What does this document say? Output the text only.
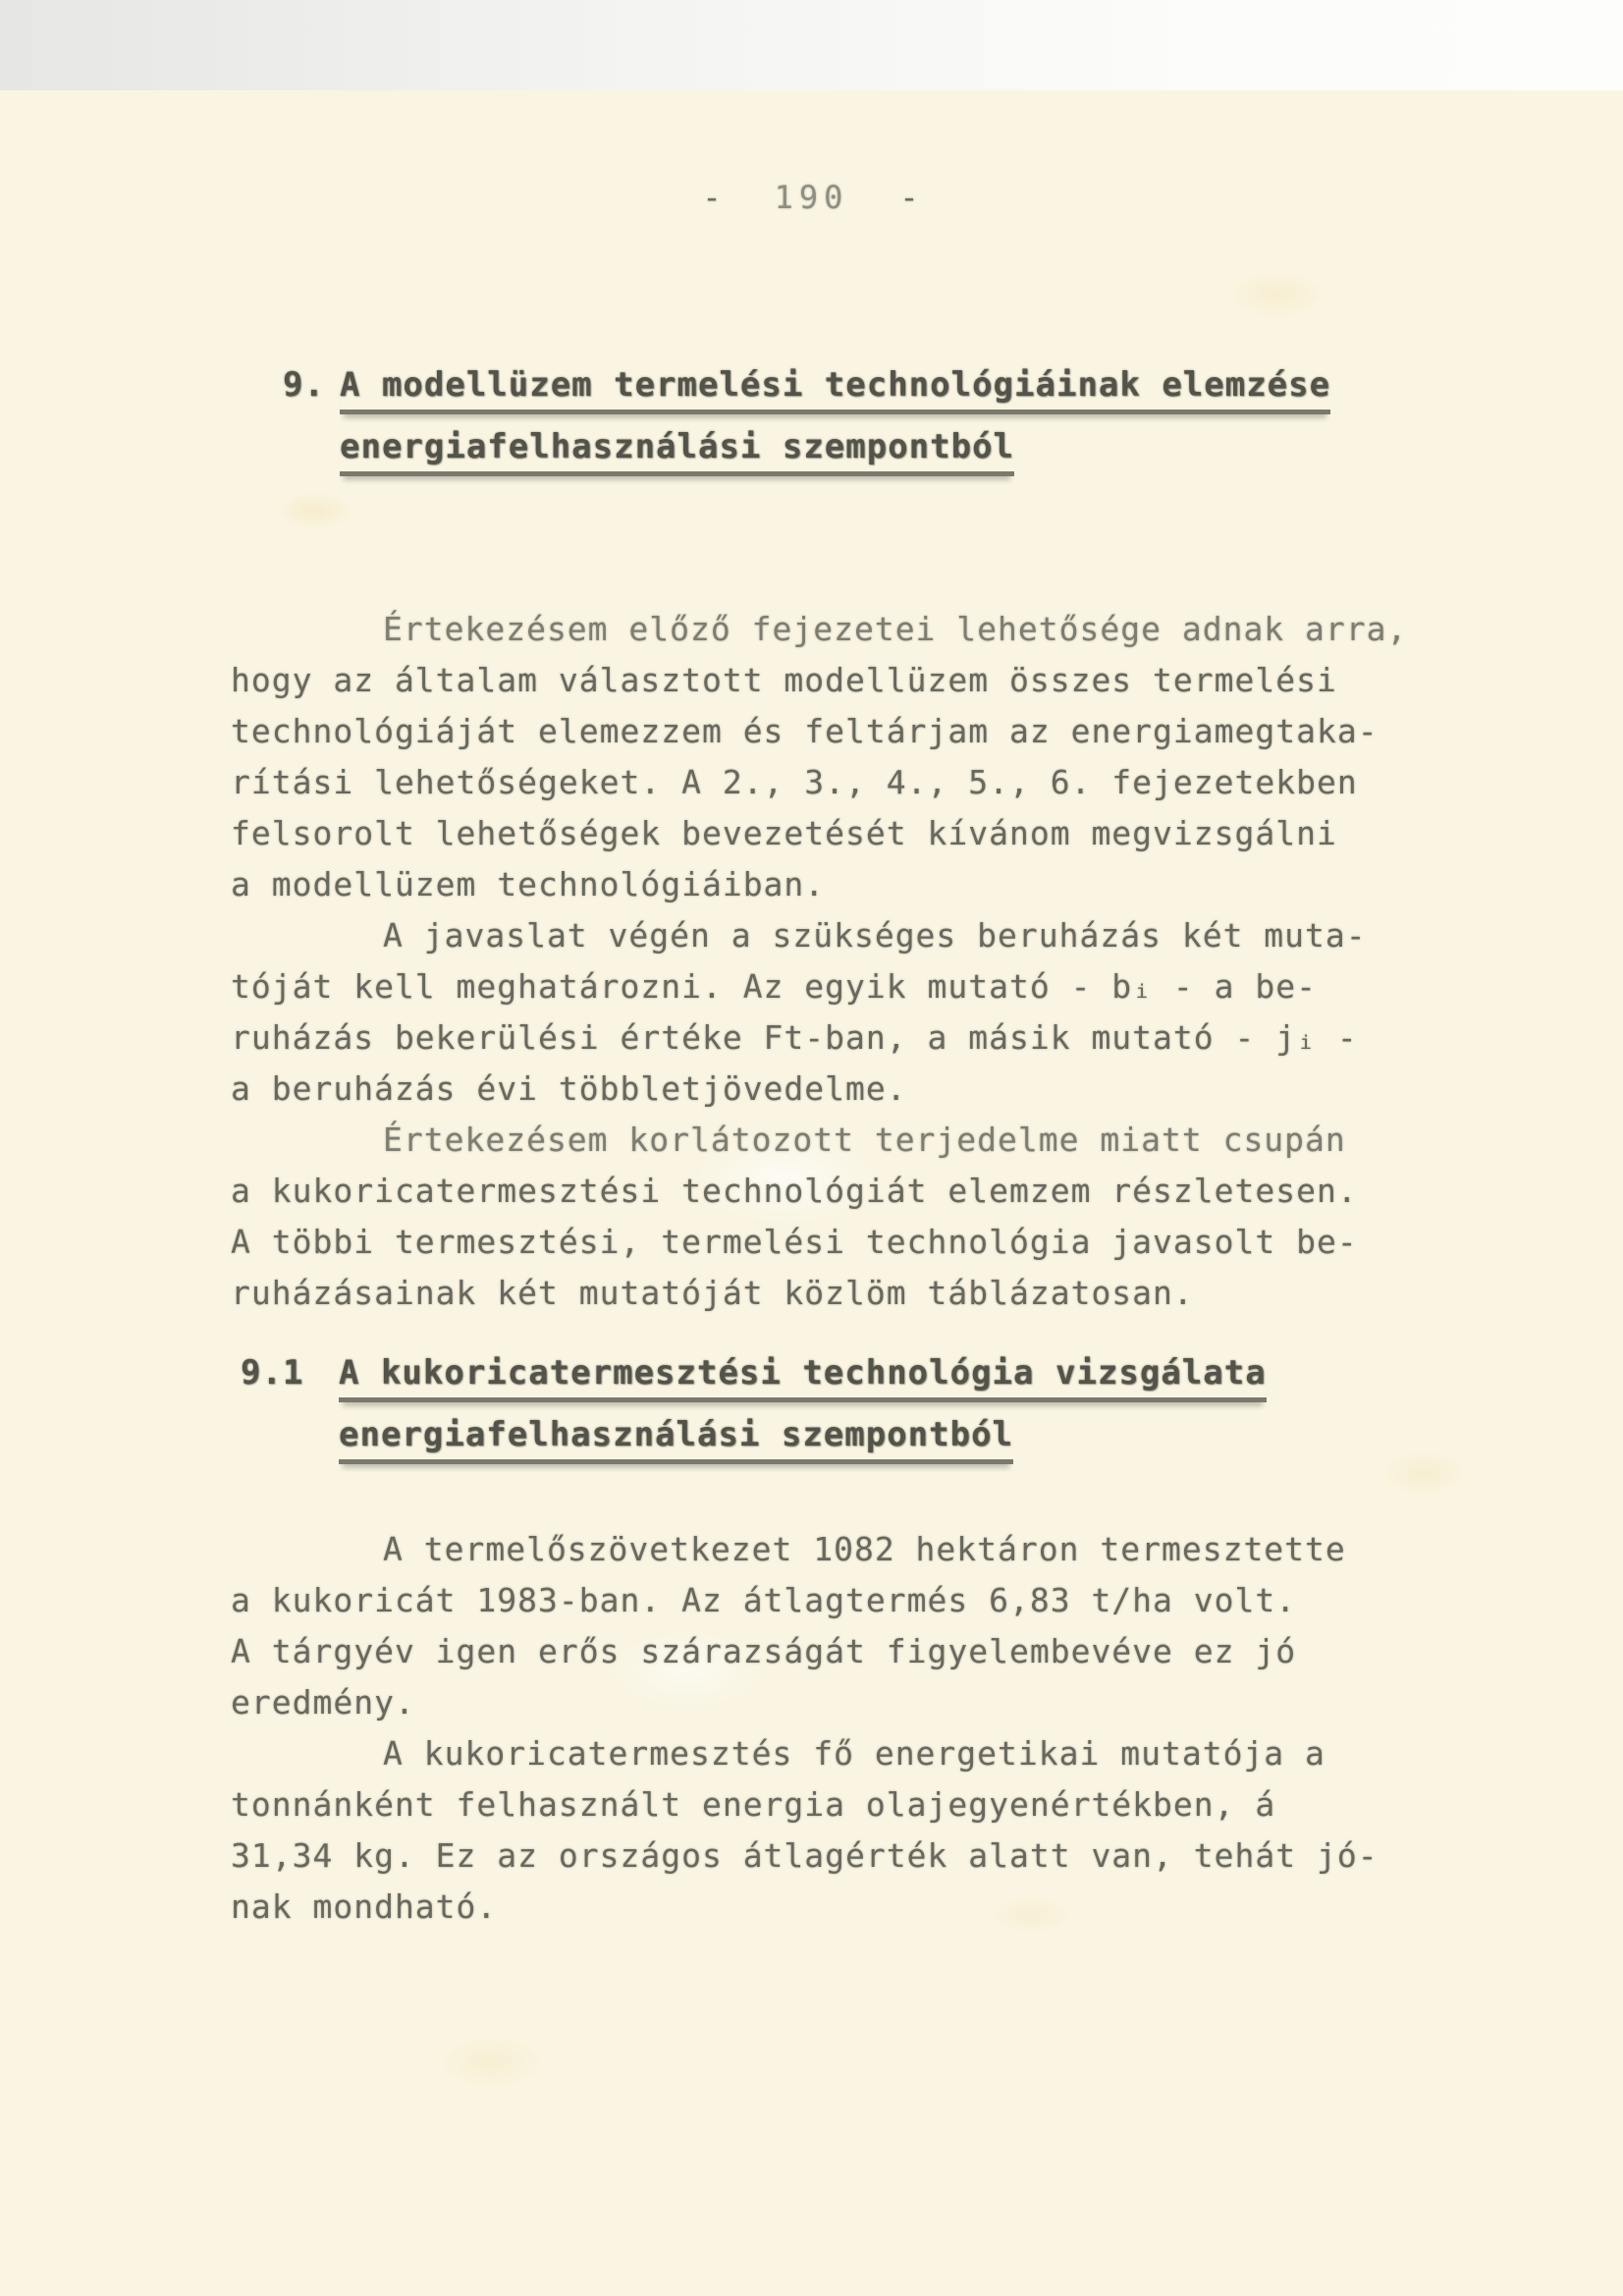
- 190 -
9. A modellüzem termelési technológiáinak elemzése
energiafelhasználási szempontból
Értekezésem előző fejezetei lehetősége adnak arra,
hogy az általam választott modellüzem összes termelési
technológiáját elemezzem és feltárjam az energiamegtaka-
rítási lehetőségeket. A 2., 3., 4., 5., 6. fejezetekben
felsorolt lehetőségek bevezetését kívánom megvizsgálni
a modellüzem technológiáiban.
A javaslat végén a szükséges beruházás két muta-
tóját kell meghatározni. Az egyik mutató - bᵢ - a be-
ruházás bekerülési értéke Ft-ban, a másik mutató - jᵢ -
a beruházás évi többletjövedelme.
Értekezésem korlátozott terjedelme miatt csupán
a kukoricatermesztési technológiát elemzem részletesen.
A többi termesztési, termelési technológia javasolt be-
ruházásainak két mutatóját közlöm táblázatosan.
9.1	A kukoricatermesztési technológia vizsgálata
energiafelhasználási szempontból
A termelőszövetkezet 1082 hektáron termesztette
a kukoricát 1983-ban. Az átlagtermés 6,83 t/ha volt.
A tárgyév igen erős szárazságát figyelembevéve ez jó
eredmény.
A kukoricatermesztés fő energetikai mutatója a
tonnánként felhasznált energia olajegyenértékben, á
31,34 kg. Ez az országos átlagérték alatt van, tehát jó-
nak mondható.
